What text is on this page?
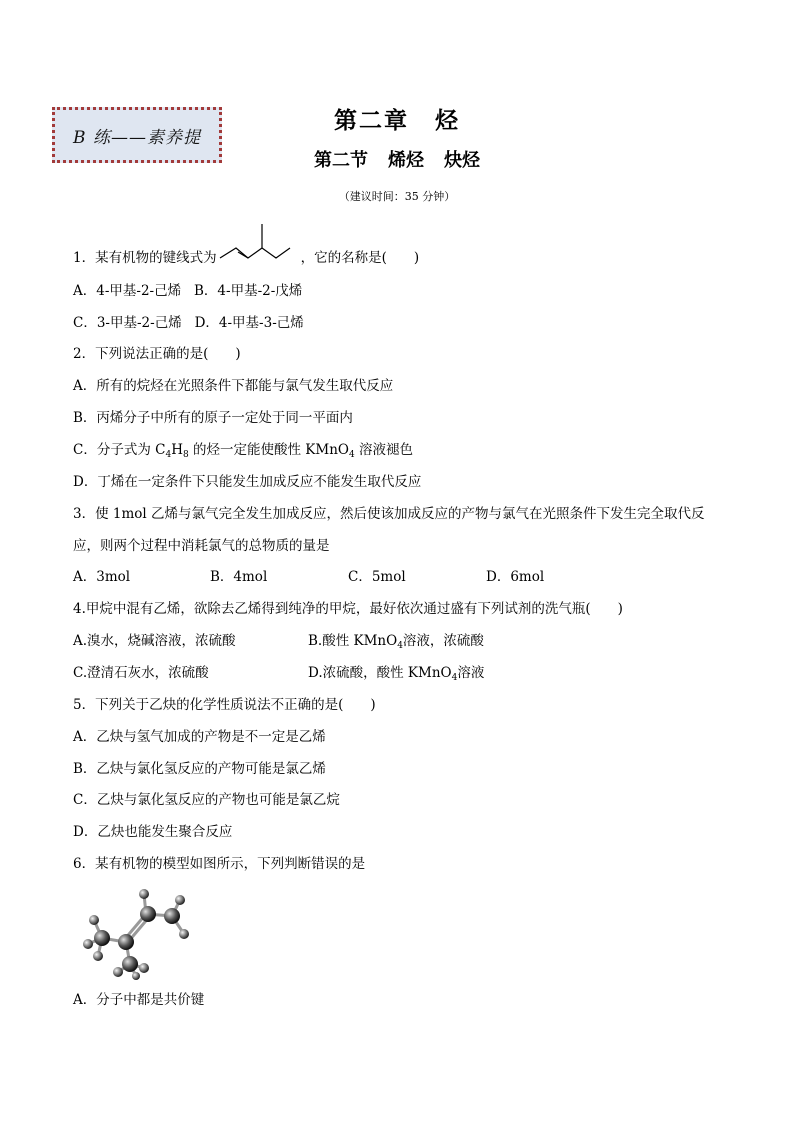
B 练——素养提
第二章 烃
第二节 烯烃 炔烃
（建议时间：35 分钟）
1．某有机物的键线式为	，它的名称是(　　)
A．4-甲基-2-己烯 B．4-甲基-2-戊烯
C．3-甲基-2-己烯 D．4-甲基-3-己烯
2．下列说法正确的是(　　)
A．所有的烷烃在光照条件下都能与氯气发生取代反应
B．丙烯分子中所有的原子一定处于同一平面内
C．分子式为 $C_4H_8$ 的烃一定能使酸性 KMnO$_4$ 溶液褪色
D．丁烯在一定条件下只能发生加成反应不能发生取代反应
3．使 1mol 乙烯与氯气完全发生加成反应，然后使该加成反应的产物与氯气在光照条件下发生完全取代反
应，则两个过程中消耗氯气的总物质的量是
A．3mol	B．4mol	C．5mol	D．6mol
4.甲烷中混有乙烯，欲除去乙烯得到纯净的甲烷，最好依次通过盛有下列试剂的洗气瓶(　　)
A.溴水，烧碱溶液，浓硫酸	B.酸性 KMnO$_4$溶液，浓硫酸
C.澄清石灰水，浓硫酸	D.浓硫酸，酸性 KMnO$_4$溶液
5．下列关于乙炔的化学性质说法不正确的是(　　)
A．乙炔与氢气加成的产物是不一定是乙烯
B．乙炔与氯化氢反应的产物可能是氯乙烯
C．乙炔与氯化氢反应的产物也可能是氯乙烷
D．乙炔也能发生聚合反应
6．某有机物的模型如图所示，下列判断错误的是
A．分子中都是共价键
